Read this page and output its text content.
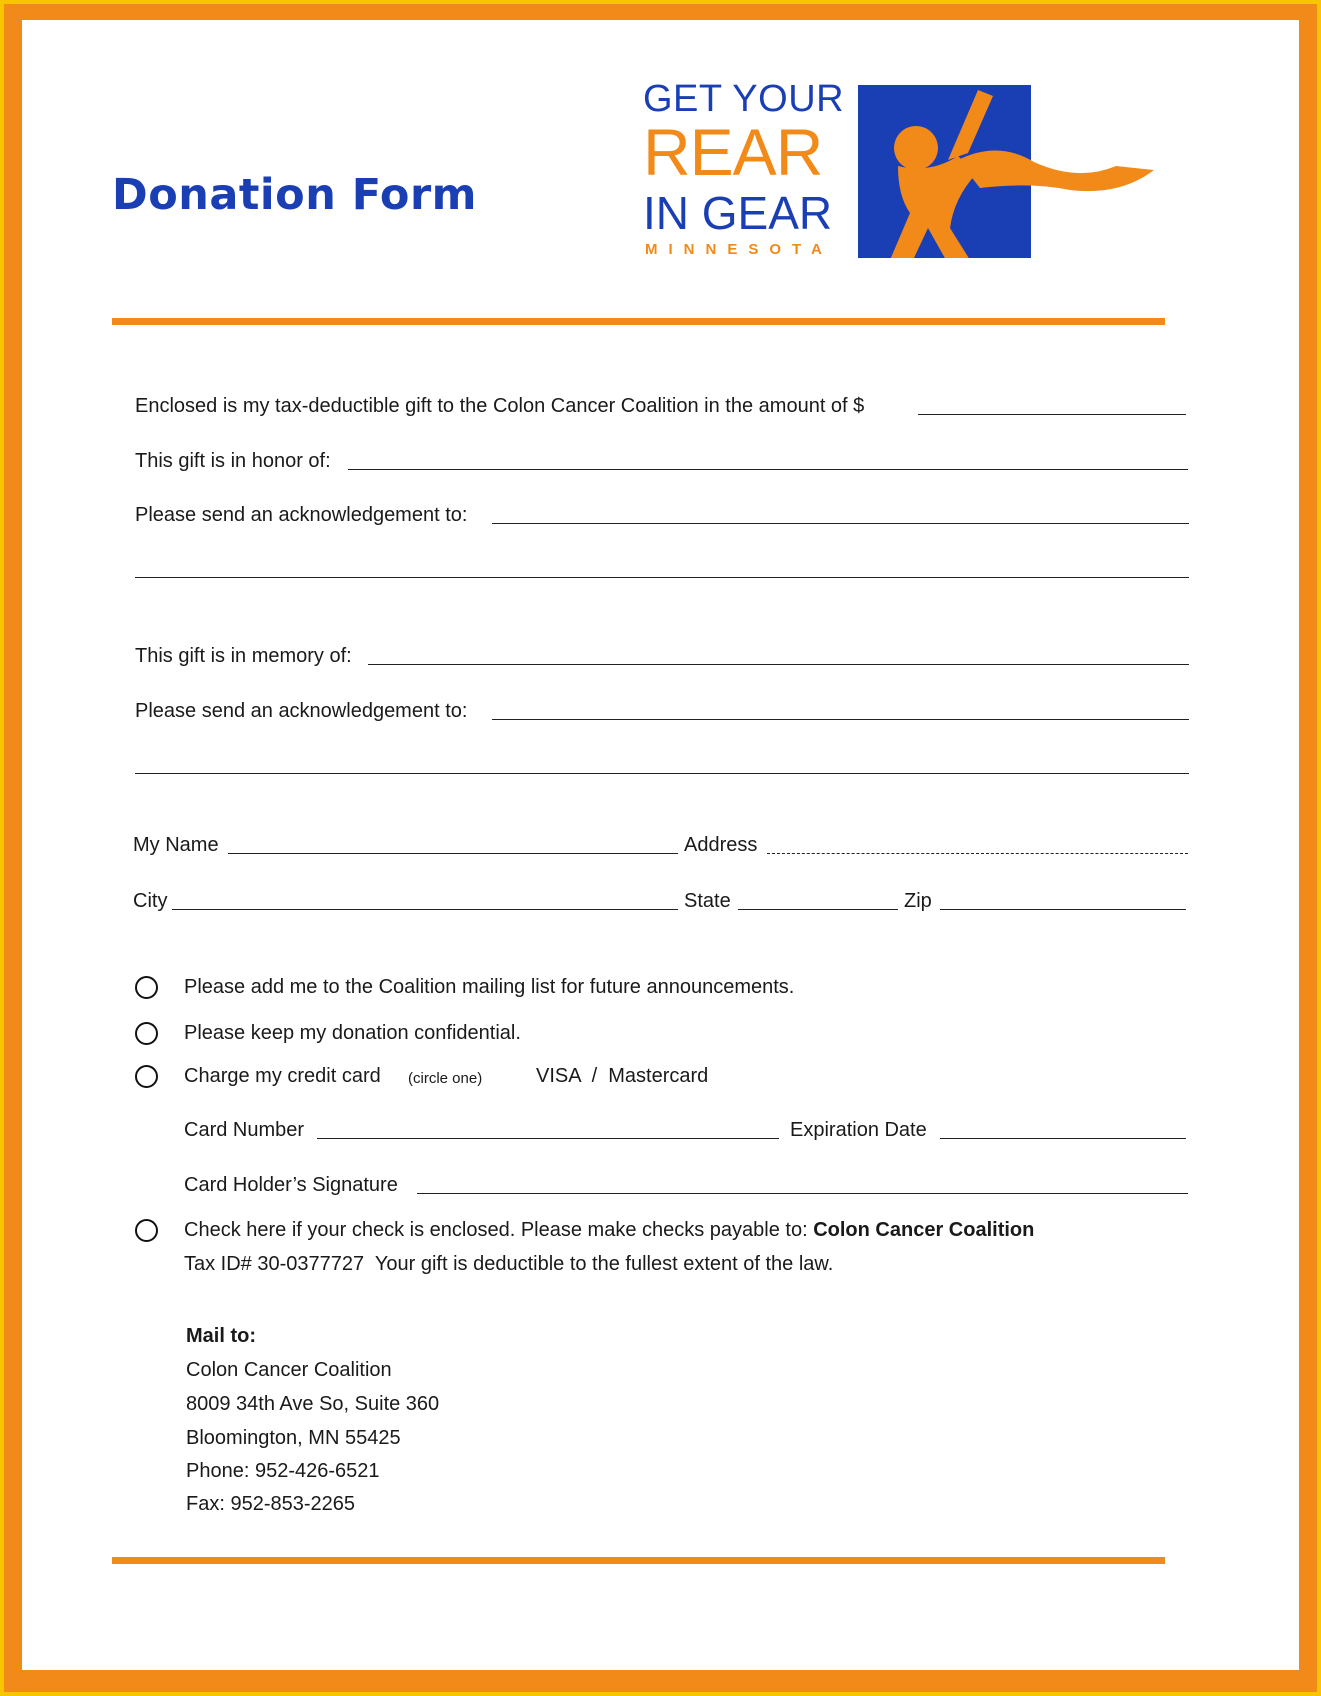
Donation Form
GET YOUR
REAR
IN GEAR
MINNESOTA
Enclosed is my tax-deductible gift to the Colon Cancer Coalition in the amount of $
This gift is in honor of:
Please send an acknowledgement to:
This gift is in memory of:
Please send an acknowledgement to:
My Name	Address
City	State	Zip
Please add me to the Coalition mailing list for future announcements.
Please keep my donation confidential.
Charge my credit card (circle one)	VISA  /  Mastercard
Card Number	Expiration Date
Card Holder’s Signature
Check here if your check is enclosed. Please make checks payable to: Colon Cancer Coalition
Tax ID# 30-0377727  Your gift is deductible to the fullest extent of the law.
Mail to:
Colon Cancer Coalition
8009 34th Ave So, Suite 360
Bloomington, MN 55425
Phone: 952-426-6521
Fax: 952-853-2265
